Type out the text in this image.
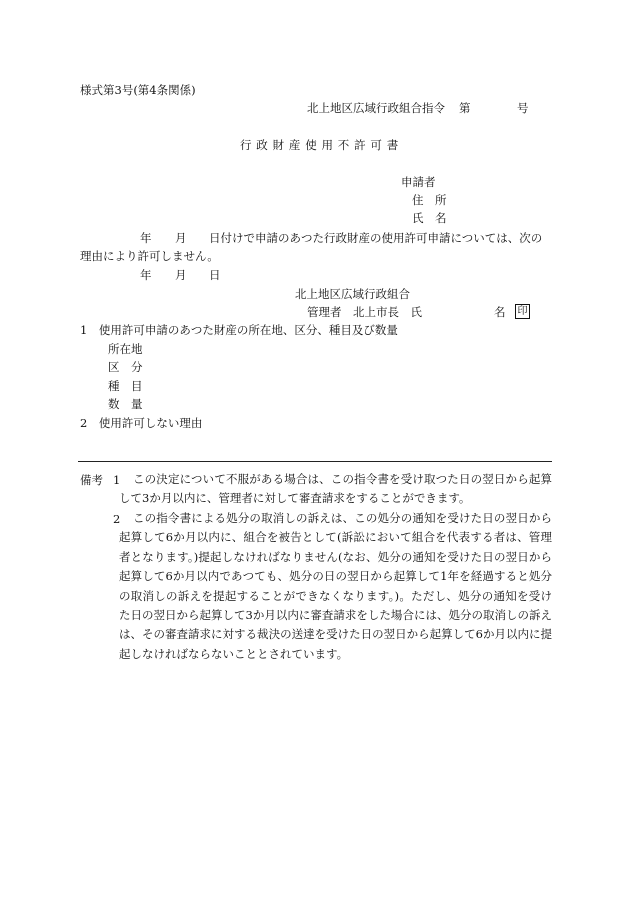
様式第3号(第4条関係)
北上地区広域行政組合指令 第	号
行政財産使用不許可書
申請者
住　所
氏　名
年 月 日付けで申請のあつた行政財産の使用許可申請については、次の
理由により許可しません。
年 月 日
北上地区広域行政組合
管理者　北上市長　氏	名 印
1　使用許可申請のあつた財産の所在地、区分、種目及び数量
所在地
区　分
種　目
数　量
2　使用許可しない理由
備考 1	この決定について不服がある場合は、この指令書を受け取つた日の翌日から起算して3か月以内に、管理者に対して審査請求をすることができます。
2	この指令書による処分の取消しの訴えは、この処分の通知を受けた日の翌日から起算して6か月以内に、組合を被告として(訴訟において組合を代表する者は、管理者となります。)提起しなければなりません(なお、処分の通知を受けた日の翌日から起算して6か月以内であつても、処分の日の翌日から起算して1年を経過すると処分の取消しの訴えを提起することができなくなります。)。ただし、処分の通知を受けた日の翌日から起算して3か月以内に審査請求をした場合には、処分の取消しの訴えは、その審査請求に対する裁決の送達を受けた日の翌日から起算して6か月以内に提起しなければならないこととされています。
